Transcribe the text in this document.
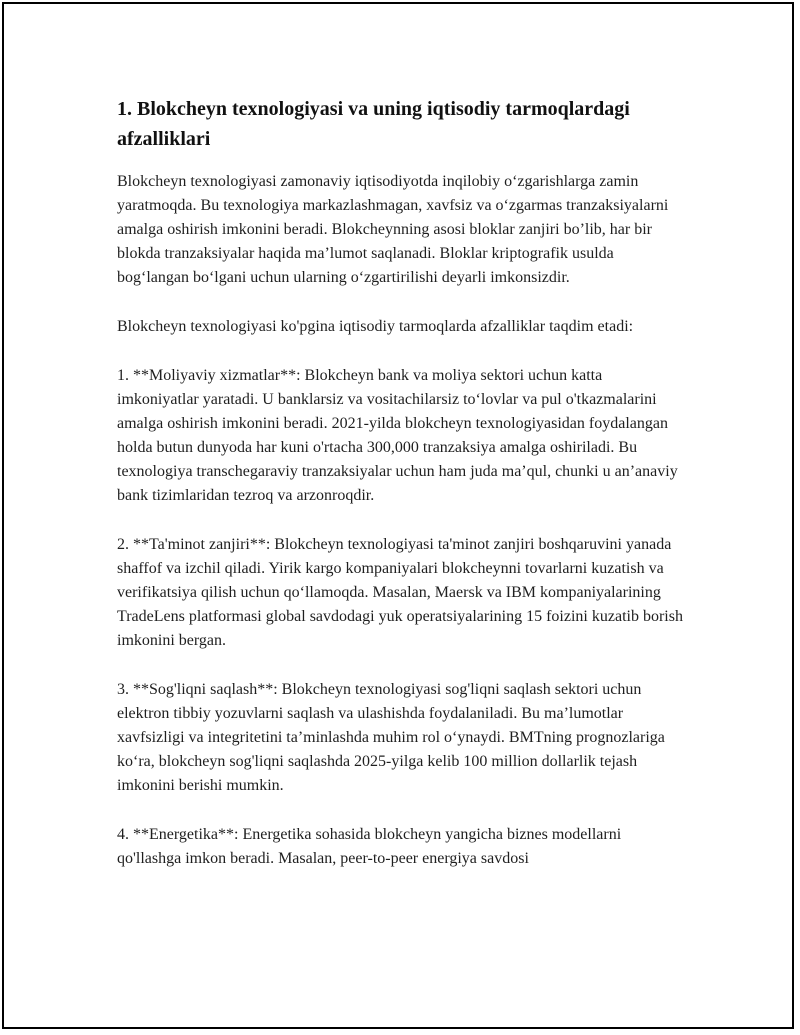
1. Blokcheyn texnologiyasi va uning iqtisodiy tarmoqlardagi afzalliklari

Blokcheyn texnologiyasi zamonaviy iqtisodiyotda inqilobiy o‘zgarishlarga zamin yaratmoqda. Bu texnologiya markazlashmagan, xavfsiz va o‘zgarmas tranzaksiyalarni amalga oshirish imkonini beradi. Blokcheynning asosi bloklar zanjiri bo’lib, har bir blokda tranzaksiyalar haqida ma’lumot saqlanadi. Bloklar kriptografik usulda bog‘langan bo‘lgani uchun ularning o‘zgartirilishi deyarli imkonsizdir.

Blokcheyn texnologiyasi ko'pgina iqtisodiy tarmoqlarda afzalliklar taqdim etadi:

1. **Moliyaviy xizmatlar**: Blokcheyn bank va moliya sektori uchun katta imkoniyatlar yaratadi. U banklarsiz va vositachilarsiz to‘lovlar va pul o'tkazmalarini amalga oshirish imkonini beradi. 2021-yilda blokcheyn texnologiyasidan foydalangan holda butun dunyoda har kuni o'rtacha 300,000 tranzaksiya amalga oshiriladi. Bu texnologiya transchegaraviy tranzaksiyalar uchun ham juda ma’qul, chunki u an’anaviy bank tizimlaridan tezroq va arzonroqdir.

2. **Ta'minot zanjiri**: Blokcheyn texnologiyasi ta'minot zanjiri boshqaruvini yanada shaffof va izchil qiladi. Yirik kargo kompaniyalari blokcheynni tovarlarni kuzatish va verifikatsiya qilish uchun qo‘llamoqda. Masalan, Maersk va IBM kompaniyalarining TradeLens platformasi global savdodagi yuk operatsiyalarining 15 foizini kuzatib borish imkonini bergan.

3. **Sog'liqni saqlash**: Blokcheyn texnologiyasi sog'liqni saqlash sektori uchun elektron tibbiy yozuvlarni saqlash va ulashishda foydalaniladi. Bu ma’lumotlar xavfsizligi va integritetini ta’minlashda muhim rol o‘ynaydi. BMTning prognozlariga ko‘ra, blokcheyn sog'liqni saqlashda 2025-yilga kelib 100 million dollarlik tejash imkonini berishi mumkin.

4. **Energetika**: Energetika sohasida blokcheyn yangicha biznes modellarni qo'llashga imkon beradi. Masalan, peer-to-peer energiya savdosi
